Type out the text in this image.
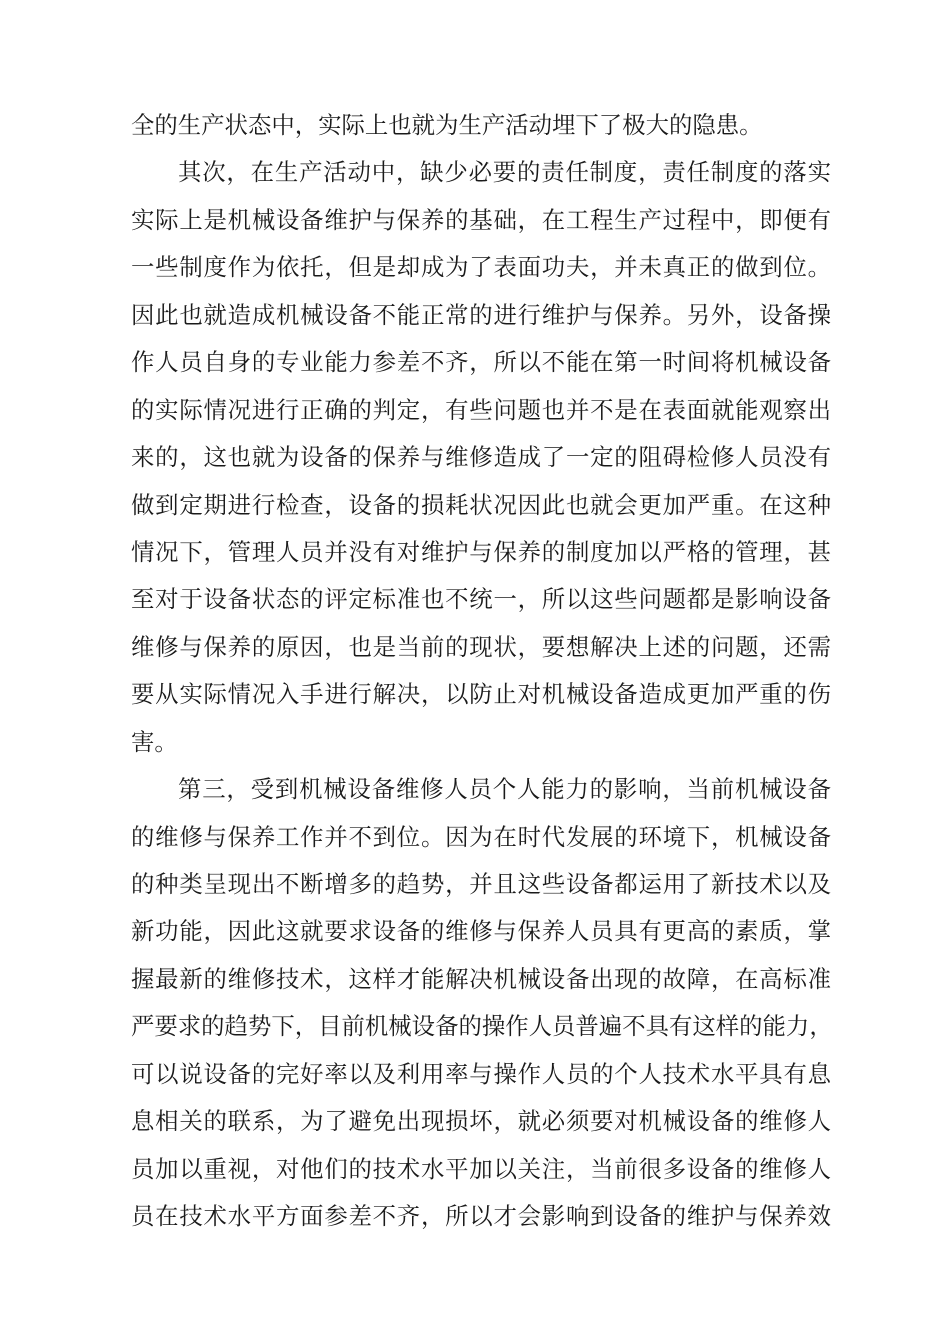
全的生产状态中，实际上也就为生产活动埋下了极大的隐患。
其次，在生产活动中，缺少必要的责任制度，责任制度的落实
实际上是机械设备维护与保养的基础，在工程生产过程中，即便有
一些制度作为依托，但是却成为了表面功夫，并未真正的做到位。
因此也就造成机械设备不能正常的进行维护与保养。另外，设备操
作人员自身的专业能力参差不齐，所以不能在第一时间将机械设备
的实际情况进行正确的判定，有些问题也并不是在表面就能观察出
来的，这也就为设备的保养与维修造成了一定的阻碍检修人员没有
做到定期进行检查，设备的损耗状况因此也就会更加严重。在这种
情况下，管理人员并没有对维护与保养的制度加以严格的管理，甚
至对于设备状态的评定标准也不统一，所以这些问题都是影响设备
维修与保养的原因，也是当前的现状，要想解决上述的问题，还需
要从实际情况入手进行解决，以防止对机械设备造成更加严重的伤
害。
第三，受到机械设备维修人员个人能力的影响，当前机械设备
的维修与保养工作并不到位。因为在时代发展的环境下，机械设备
的种类呈现出不断增多的趋势，并且这些设备都运用了新技术以及
新功能，因此这就要求设备的维修与保养人员具有更高的素质，掌
握最新的维修技术，这样才能解决机械设备出现的故障，在高标准
严要求的趋势下，目前机械设备的操作人员普遍不具有这样的能力，
可以说设备的完好率以及利用率与操作人员的个人技术水平具有息
息相关的联系，为了避免出现损坏，就必须要对机械设备的维修人
员加以重视，对他们的技术水平加以关注，当前很多设备的维修人
员在技术水平方面参差不齐，所以才会影响到设备的维护与保养效
